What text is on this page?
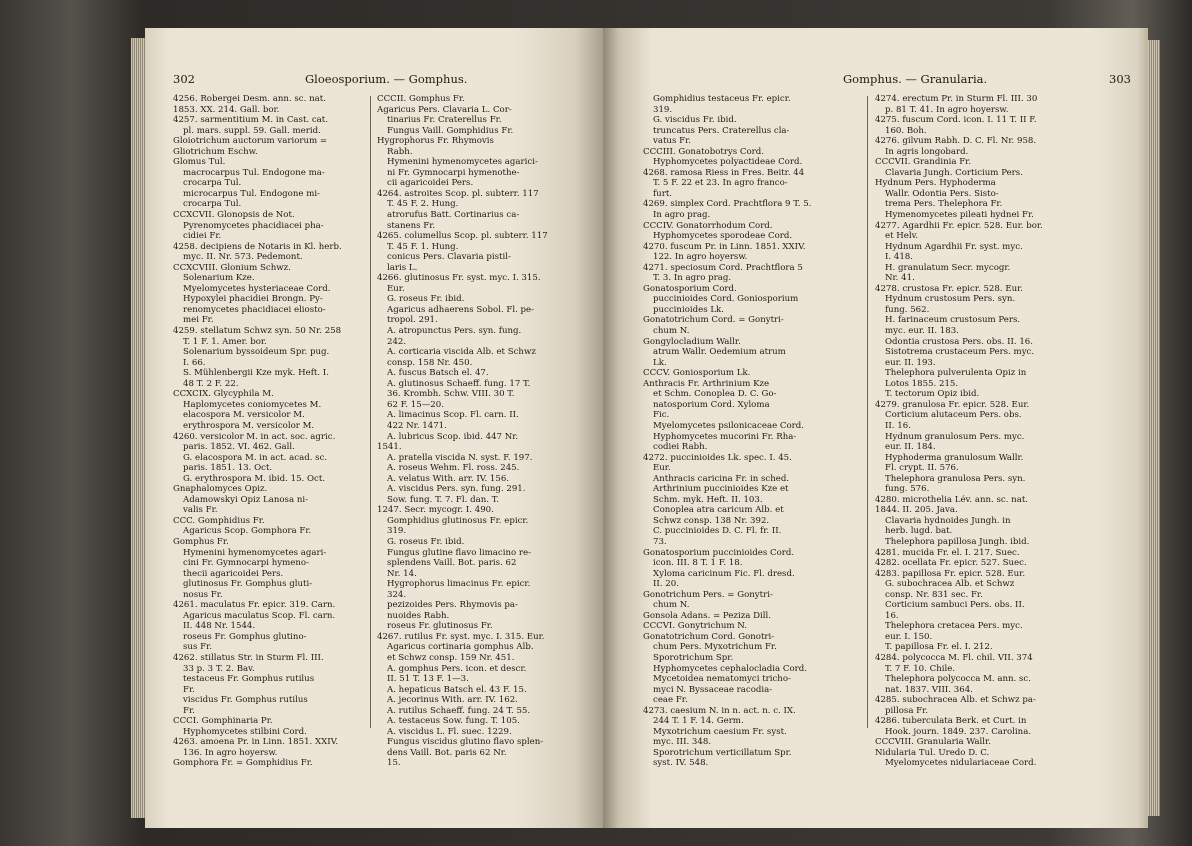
302	Gloeosporium. — Gomphus.
4256. Robergei Desm. ann. sc. nat.
1853. XX. 214. Gall. bor.
4257. sarmentitium M. in Cast. cat.
pl. mars. suppl. 59. Gall. merid.
Gloiotrichum auctorum variorum =
Gliotrichum Eschw.
Glomus Tul.
macrocarpus Tul. Endogone ma-
crocarpa Tul.
microcarpus Tul. Endogone mi-
crocarpa Tul.
CCXCVII. Glonopsis de Not.
Pyrenomycetes phacidiacei pha-
cidiei Fr.
4258. decipiens de Notaris in Kl. herb.
myc. II. Nr. 573. Pedemont.
CCXCVIII. Glonium Schwz.
Solenarium Kze.
Myelomycetes hysteriaceae Cord.
Hypoxylei phacidiei Brongn. Py-
renomycetes phacidiacei eliosto-
mei Fr.
4259. stellatum Schwz syn. 50 Nr. 258
T. 1 F. 1. Amer. bor.
Solenarium byssoideum Spr. pug.
I. 66.
S. Mühlenbergii Kze myk. Heft. I.
48 T. 2 F. 22.
CCXCIX. Glycyphila M.
Haplomycetes coniomycetes M.
elacospora M. versicolor M.
erythrospora M. versicolor M.
4260. versicolor M. in act. soc. agric.
paris. 1852. VI. 462. Gall.
G. elacospora M. in act. acad. sc.
paris. 1851. 13. Oct.
G. erythrospora M. ibid. 15. Oct.
Gnaphalomyces Opiz.
Adamowskyi Opiz Lanosa ni-
valis Fr.
CCC. Gomphidius Fr.
Agaricus Scop. Gomphora Fr.
Gomphus Fr.
Hymenini hymenomycetes agari-
cini Fr. Gymnocarpi hymeno-
thecii agaricoidei Pers.
glutinosus Fr. Gomphus gluti-
nosus Fr.
4261. maculatus Fr. epicr. 319. Carn.
Agaricus maculatus Scop. Fl. carn.
II. 448 Nr. 1544.
roseus Fr. Gomphus glutino-
sus Fr.
4262. stillatus Str. in Sturm Fl. III.
33 p. 3 T. 2. Bav.
testaceus Fr. Gomphus rutilus
Fr.
viscidus Fr. Gomphus rutilus
Fr.
CCCI. Gomphinaria Pr.
Hyphomycetes stilbini Cord.
4263. amoena Pr. in Linn. 1851. XXIV.
136. In agro hoyersw.
Gomphora Fr. = Gomphidius Fr.
CCCII. Gomphus Fr.
Agaricus Pers. Clavaria L. Cor-
tinarius Fr. Craterellus Fr.
Fungus Vaill. Gomphidius Fr.
Hygrophorus Fr. Rhymovis
Rabh.
Hymenini hymenomycetes agarici-
ni Fr. Gymnocarpi hymenothe-
cii agaricoidei Pers.
4264. astroites Scop. pl. subterr. 117
T. 45 F. 2. Hung.
atrorufus Batt. Cortinarius ca-
stanens Fr.
4265. columellus Scop. pl. subterr. 117
T. 45 F. 1. Hung.
conicus Pers. Clavaria pistil-
laris L.
4266. glutinosus Fr. syst. myc. I. 315.
Eur.
G. roseus Fr. ibid.
Agaricus adhaerens Sobol. Fl. pe-
tropol. 291.
A. atropunctus Pers. syn. fung.
242.
A. corticaria viscida Alb. et Schwz
consp. 158 Nr. 450.
A. fuscus Batsch el. 47.
A. glutinosus Schaeff. fung. 17 T.
36. Krombh. Schw. VIII. 30 T.
62 F. 15—20.
A. limacinus Scop. Fl. carn. II.
422 Nr. 1471.
A. lubricus Scop. ibid. 447 Nr.
1541.
A. pratella viscida N. syst. F. 197.
A. roseus Wehm. Fl. ross. 245.
A. velatus With. arr. IV. 156.
A. viscidus Pers. syn. fung. 291.
Sow. fung. T. 7. Fl. dan. T.
1247. Secr. mycogr. I. 490.
Gomphidius glutinosus Fr. epicr.
319.
G. roseus Fr. ibid.
Fungus glutine flavo limacino re-
splendens Vaill. Bot. paris. 62
Nr. 14.
Hygrophorus limacinus Fr. epicr.
324.
pezizoides Pers. Rhymovis pa-
nuoides Rabh.
roseus Fr. glutinosus Fr.
4267. rutilus Fr. syst. myc. I. 315. Eur.
Agaricus cortinaria gomphus Alb.
et Schwz consp. 159 Nr. 451.
A. gomphus Pers. icon. et descr.
II. 51 T. 13 F. 1—3.
A. hepaticus Batsch el. 43 F. 15.
A. jecorinus With. arr. IV. 162.
A. rutilus Schaeff. fung. 24 T. 55.
A. testaceus Sow. fung. T. 105.
A. viscidus L. Fl. suec. 1229.
Fungus viscidus glutino flavo splen-
dens Vaill. Bot. paris 62 Nr.
15.
Gomphus. — Granularia.	303
Gomphidius testaceus Fr. epicr.
319.
G. viscidus Fr. ibid.
truncatus Pers. Craterellus cla-
vatus Fr.
CCCIII. Gonatobotrys Cord.
Hyphomycetes polyactideae Cord.
4268. ramosa Riess in Fres. Beitr. 44
T. 5 F. 22 et 23. In agro franco-
furt.
4269. simplex Cord. Prachtflora 9 T. 5.
In agro prag.
CCCIV. Gonatorrhodum Cord.
Hyphomycetes sporodeae Cord.
4270. fuscum Pr. in Linn. 1851. XXIV.
122. In agro hoyersw.
4271. speciosum Cord. Prachtflora 5
T. 3. In agro prag.
Gonatosporium Cord.
puccinioides Cord. Goniosporium
puccinioides Lk.
Gonatotrichum Cord. = Gonytri-
chum N.
Gongylocladium Wallr.
atrum Wallr. Oedemium atrum
Lk.
CCCV. Goniosporium Lk.
Anthracis Fr. Arthrinium Kze
et Schm. Conoplea D. C. Go-
natosporium Cord. Xyloma
Fic.
Myelomycetes psilonicaceae Cord.
Hyphomycetes mucorini Fr. Rha-
codiei Rabh.
4272. puccinioides Lk. spec. I. 45.
Eur.
Anthracis caricina Fr. in sched.
Arthrinium puccinioides Kze et
Schm. myk. Heft. II. 103.
Conoplea atra caricum Alb. et
Schwz consp. 138 Nr. 392.
C. puccinioides D. C. Fl. fr. II.
73.
Gonatosporium puccinioides Cord.
icon. III. 8 T. 1 F. 18.
Xyloma caricinum Fic. Fl. dresd.
II. 20.
Gonotrichum Pers. = Gonytri-
chum N.
Gonsola Adans. = Peziza Dill.
CCCVI. Gonytrichum N.
Gonatotrichum Cord. Gonotri-
chum Pers. Myxotrichum Fr.
Sporotrichum Spr.
Hyphomycetes cephalocladia Cord.
Mycetoidea nematomyci tricho-
myci N. Byssaceae racodia-
ceae Fr.
4273. caesium N. in n. act. n. c. IX.
244 T. 1 F. 14. Germ.
Myxotrichum caesium Fr. syst.
myc. III. 348.
Sporotrichum verticillatum Spr.
syst. IV. 548.
4274. erectum Pr. in Sturm Fl. III. 30
p. 81 T. 41. In agro hoyersw.
4275. fuscum Cord. icon. I. 11 T. II F.
160. Boh.
4276. gilvum Rabh. D. C. Fl. Nr. 958.
In agris longobard.
CCCVII. Grandinia Fr.
Clavaria Jungh. Corticium Pers.
Hydnum Pers. Hyphoderma
Wallr. Odontia Pers. Sisto-
trema Pers. Thelephora Fr.
Hymenomycetes pileati hydnei Fr.
4277. Agardhii Fr. epicr. 528. Eur. bor.
et Helv.
Hydnum Agardhii Fr. syst. myc.
I. 418.
H. granulatum Secr. mycogr.
Nr. 41.
4278. crustosa Fr. epicr. 528. Eur.
Hydnum crustosum Pers. syn.
fung. 562.
H. farinaceum crustosum Pers.
myc. eur. II. 183.
Odontia crustosa Pers. obs. II. 16.
Sistotrema crustaceum Pers. myc.
eur. II. 193.
Thelephora pulverulenta Opiz in
Lotos 1855. 215.
T. tectorum Opiz ibid.
4279. granulosa Fr. epicr. 528. Eur.
Corticium alutaceum Pers. obs.
II. 16.
Hydnum granulosum Pers. myc.
eur. II. 184.
Hyphoderma granulosum Wallr.
Fl. crypt. II. 576.
Thelephora granulosa Pers. syn.
fung. 576.
4280. microthelia Lév. ann. sc. nat.
1844. II. 205. Java.
Clavaria hydnoides Jungh. in
herb. lugd. bat.
Thelephora papillosa Jungh. ibid.
4281. mucida Fr. el. I. 217. Suec.
4282. ocellata Fr. epicr. 527. Suec.
4283. papillosa Fr. epicr. 528. Eur.
G. subochracea Alb. et Schwz
consp. Nr. 831 sec. Fr.
Corticium sambuci Pers. obs. II.
16.
Thelephora cretacea Pers. myc.
eur. I. 150.
T. papillosa Fr. el. I. 212.
4284. polycocca M. Fl. chil. VII. 374
T. 7 F. 10. Chile.
Thelephora polycocca M. ann. sc.
nat. 1837. VIII. 364.
4285. subochracea Alb. et Schwz pa-
pillosa Fr.
4286. tuberculata Berk. et Curt. in
Hook. journ. 1849. 237. Carolina.
CCCVIII. Granularia Wallr.
Nidularia Tul. Uredo D. C.
Myelomycetes nidulariaceae Cord.
